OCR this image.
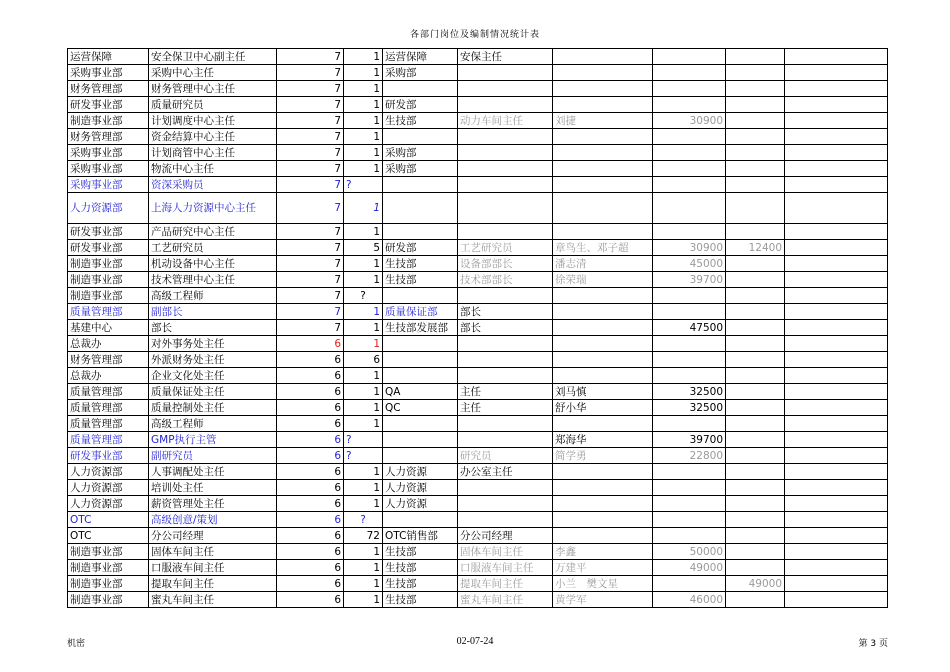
各部门岗位及编制情况统计表
运营保障	安全保卫中心副主任	7	1	运营保障	安保主任				
采购事业部	采购中心主任	7	1	采购部					
财务管理部	财务管理中心主任	7	1						
研发事业部	质量研究员	7	1	研发部					
制造事业部	计划调度中心主任	7	1	生技部	动力车间主任	刘捷	30900		
财务管理部	资金结算中心主任	7	1						
采购事业部	计划商管中心主任	7	1	采购部					
采购事业部	物流中心主任	7	1	采购部					
采购事业部	资深采购员	7	?						
人力资源部	上海人力资源中心主任	7	1						
研发事业部	产品研究中心主任	7	1						
研发事业部	工艺研究员	7	5	研发部	工艺研究员	章鸟生、邓子超	30900	12400	
制造事业部	机动设备中心主任	7	1	生技部	设备部部长	潘志清	45000		
制造事业部	技术管理中心主任	7	1	生技部	技术部部长	徐荣瑞	39700		
制造事业部	高级工程师	7	?						
质量管理部	副部长	7	1	质量保证部	部长				
基建中心	部长	7	1	生技部发展部	部长		47500		
总裁办	对外事务处主任	6	1						
财务管理部	外派财务处主任	6	6						
总裁办	企业文化处主任	6	1						
质量管理部	质量保证处主任	6	1	QA	主任	刘马慎	32500		
质量管理部	质量控制处主任	6	1	QC	主任	舒小华	32500		
质量管理部	高级工程师	6	1						
质量管理部	GMP执行主管	6	?			郑海华	39700		
研发事业部	副研究员	6	?		研究员	简学勇	22800		
人力资源部	人事调配处主任	6	1	人力资源	办公室主任				
人力资源部	培训处主任	6	1	人力资源					
人力资源部	薪资管理处主任	6	1	人力资源					
OTC	高级创意/策划	6	?						
OTC	分公司经理	6	72	OTC销售部	分公司经理				
制造事业部	固体车间主任	6	1	生技部	固体车间主任	李鑫	50000		
制造事业部	口服液车间主任	6	1	生技部	口服液车间主任	万建平	49000		
制造事业部	提取车间主任	6	1	生技部	提取车间主任	小兰　樊文星		49000	
制造事业部	蜜丸车间主任	6	1	生技部	蜜丸车间主任	黄学军	46000		
机密	02-07-24	第 3 页
